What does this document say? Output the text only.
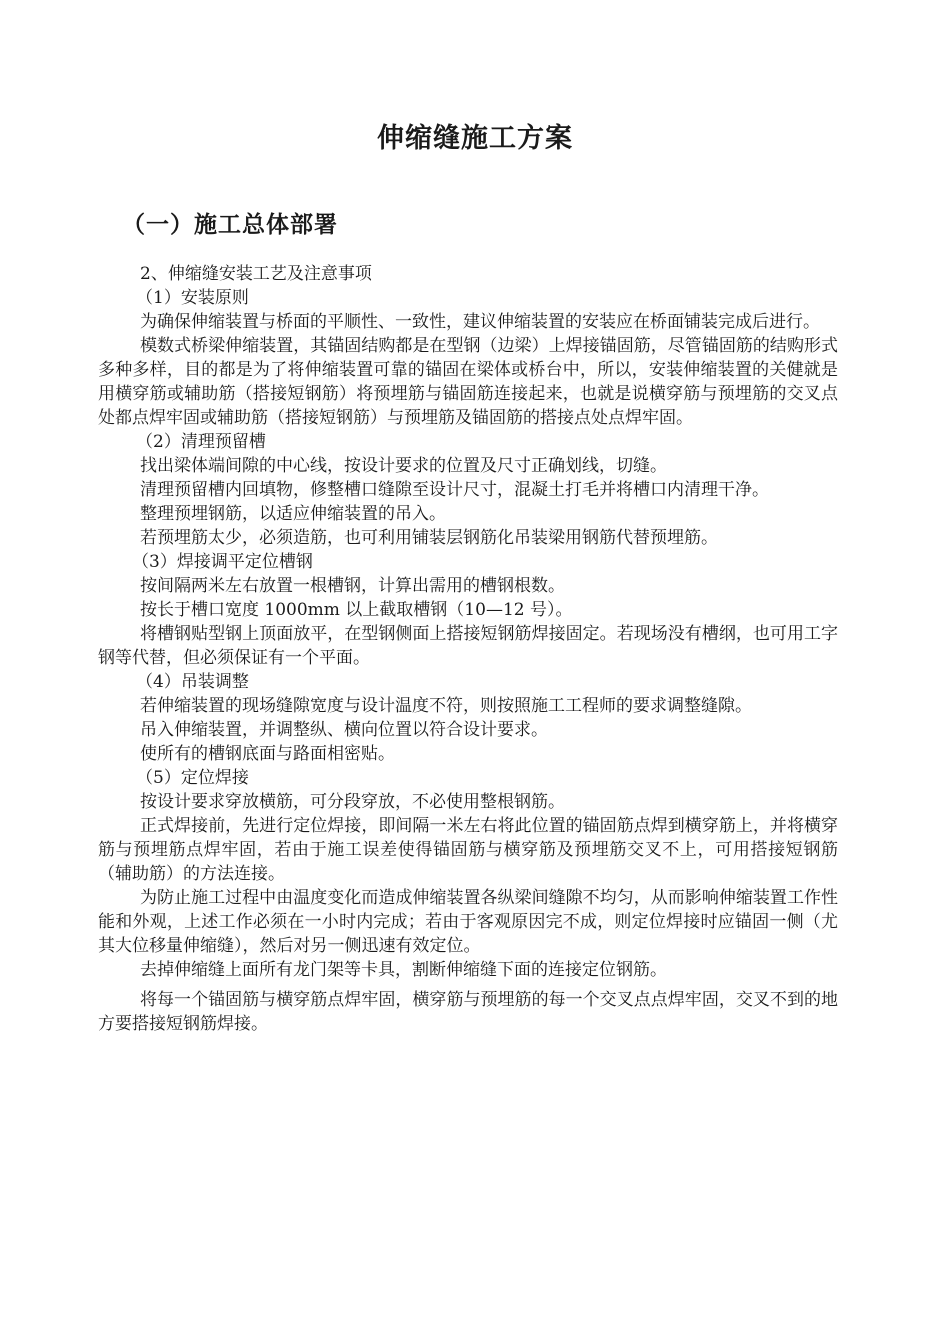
伸缩缝施工方案
（一）施工总体部署

2、伸缩缝安装工艺及注意事项

（1）安装原则

为确保伸缩装置与桥面的平顺性、一致性，建议伸缩装置的安装应在桥面铺装完成后进行。

模数式桥梁伸缩装置，其锚固结购都是在型钢（边梁）上焊接锚固筋，尽管锚固筋的结购形式多种多样，目的都是为了将伸缩装置可靠的锚固在梁体或桥台中，所以，安装伸缩装置的关健就是用横穿筋或辅助筋（搭接短钢筋）将预埋筋与锚固筋连接起来，也就是说横穿筋与预埋筋的交叉点处都点焊牢固或辅助筋（搭接短钢筋）与预埋筋及锚固筋的搭接点处点焊牢固。

（2）清理预留槽

找出梁体端间隙的中心线，按设计要求的位置及尺寸正确划线，切缝。

清理预留槽内回填物，修整槽口缝隙至设计尺寸，混凝土打毛并将槽口内清理干净。

整理预埋钢筋，以适应伸缩装置的吊入。

若预埋筋太少，必须造筋，也可利用铺装层钢筋化吊装梁用钢筋代替预埋筋。

（3）焊接调平定位槽钢

按间隔两米左右放置一根槽钢，计算出需用的槽钢根数。

按长于槽口宽度 1000mm 以上截取槽钢（10—12 号）。

将槽钢贴型钢上顶面放平，在型钢侧面上搭接短钢筋焊接固定。若现场没有槽纲，也可用工字钢等代替，但必须保证有一个平面。

（4）吊装调整

若伸缩装置的现场缝隙宽度与设计温度不符，则按照施工工程师的要求调整缝隙。

吊入伸缩装置，并调整纵、横向位置以符合设计要求。

使所有的槽钢底面与路面相密贴。

（5）定位焊接

按设计要求穿放横筋，可分段穿放，不必使用整根钢筋。

正式焊接前，先进行定位焊接，即间隔一米左右将此位置的锚固筋点焊到横穿筋上，并将横穿筋与预埋筋点焊牢固，若由于施工误差使得锚固筋与横穿筋及预埋筋交叉不上，可用搭接短钢筋（辅助筋）的方法连接。

为防止施工过程中由温度变化而造成伸缩装置各纵梁间缝隙不均匀，从而影响伸缩装置工作性能和外观，上述工作必须在一小时内完成；若由于客观原因完不成，则定位焊接时应锚固一侧（尤其大位移量伸缩缝），然后对另一侧迅速有效定位。

去掉伸缩缝上面所有龙门架等卡具，割断伸缩缝下面的连接定位钢筋。

将每一个锚固筋与横穿筋点焊牢固，横穿筋与预埋筋的每一个交叉点点焊牢固，交叉不到的地方要搭接短钢筋焊接。
